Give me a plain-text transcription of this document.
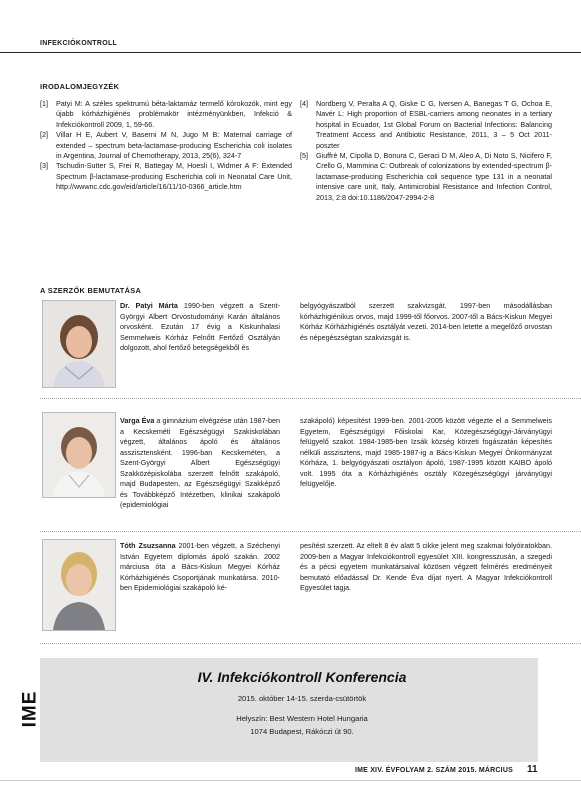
INFEKCIÓKONTROLL
IRODALOMJEGYZÉK
[1]	Patyi M: A széles spektrumú béta-laktamáz termelő kórokozók, mint egy újabb kórházhigiénés problémakör intézményünkben, Infekció & Infekciókontroll 2009, 1, 59-66.
[2]	Villar H E, Aubert V, Baserni M N, Jugo M B: Maternal carriage of extended – spectrum beta-lactamase-producing Escherichia coli isolates in Argentina, Journal of Chemotherapy, 2013, 25(6), 324-7
[3]	Tschudin-Sutter S, Frei R, Battegay M, Hoesli I, Widmer A F: Extended Spectrum β-lactamase-producing Escherichia coli in Neonatal Care Unit, http://wwwnc.cdc.gov/eid/article/16/11/10-0366_article.htm
[4]	Nordberg V, Peralta A Q, Giske C G, Iversen A, Banegas T G, Ochoa E, Navér L: High proportion of ESBL-carriers among neonates in a tertiary hospital in Ecuador, 1st Global Forum on Bacterial Infections: Balancing Treatment Access and Antibiotic Resistance, 2011, 3 – 5 Oct 2011- poszter
[5]	Giuffrè M, Cipolla D, Bonura C, Geraci D M, Aleo A, Di Noto S, Nicifero F, Crello G, Mammina C: Outbreak of colonizations by extended-spectrum β-lactamase-producing Escherichia coli sequence type 131 in a neonatal intensive care unit, Italy, Antimicrobial Resistance and Infection Control, 2013, 2:8 doi:10.1186/2047-2994-2-8
A SZERZŐK BEMUTATÁSA
Dr. Patyi Márta 1990-ben végzett a Szent-Györgyi Albert Orvostudományi Karán általános orvosként. Ezután 17 évig a Kiskunhalasi Semmelweis Kórház Felnőtt Fertőző Osztályán dolgozott, ahol fertőző betegségekből és
belgyógyászatból szerzett szakvizsgát. 1997-ben másodállásban kórházhigiénikus orvos, majd 1999-től főorvos. 2007-től a Bács-Kiskun Megyei Kórház Kórházhigiénés osztályát vezeti. 2014-ben letette a megelőző orvostan és népegészségtan szakvizsgát is.
Varga Éva a gimnázium elvégzése után 1987-ben a Kecskeméti Egészségügyi Szakiskolában végzett, általános ápoló és általános asszisztensként. 1996-ban Kecskeméten, a Szent-Györgyi Albert Egészségügyi Szakközépiskolába szerzett felnőtt szakápoló, majd Budapesten, az Egészségügyi Szakképző és Továbbképző Intézetben, klinikai szakápoló (epidemiológiai
szakápoló) képesítést 1999-ben. 2001-2005 között végezte el a Semmelweis Egyetem, Egészségügyi Főiskolai Kar, Közegészségügyi-Járványügyi felügyelő szakot. 1984-1985-ben Izsák község körzeti fogászatán képesítés nélküli asszisztens, majd 1985-1987-ig a Bács-Kiskun Megyei Önkormányzat Kórháza, 1. belgyógyászati osztályon ápoló, 1987-1995 között KAIBO ápoló volt. 1995 óta a Kórházhigiénés osztály Közegészségügyi járványügyi felügyelője.
Tóth Zsuzsanna 2001-ben végzett, a Széchenyi István Egyetem diplomás ápoló szakán. 2002 márciusa óta a Bács-Kiskun Megyei Kórház Kórházhigiénés Csoportjának munkatársa. 2010-ben Epidemiológiai szakápoló ké-
pesítést szerzett. Az eltelt 8 év alatt 5 cikke jelent meg szakmai folyóiratokban. 2009-ben a Magyar Infekciókontroll egyesület XIII. kongresszusán, a szegedi és a pécsi egyetem munkatársaival közösen végzett felmérés eredményeit bemutató előadással Dr. Kende Éva díjat nyert. A Magyar Infekciókontroll Egyesület tagja.
IME
IV. Infekciókontroll Konferencia
2015. október 14-15. szerda-csütörtök
Helyszín: Best Western Hotel Hungaria
1074 Budapest, Rákóczi út 90.
IME XIV. ÉVFOLYAM 2. SZÁM 2015. MÁRCIUS 11
